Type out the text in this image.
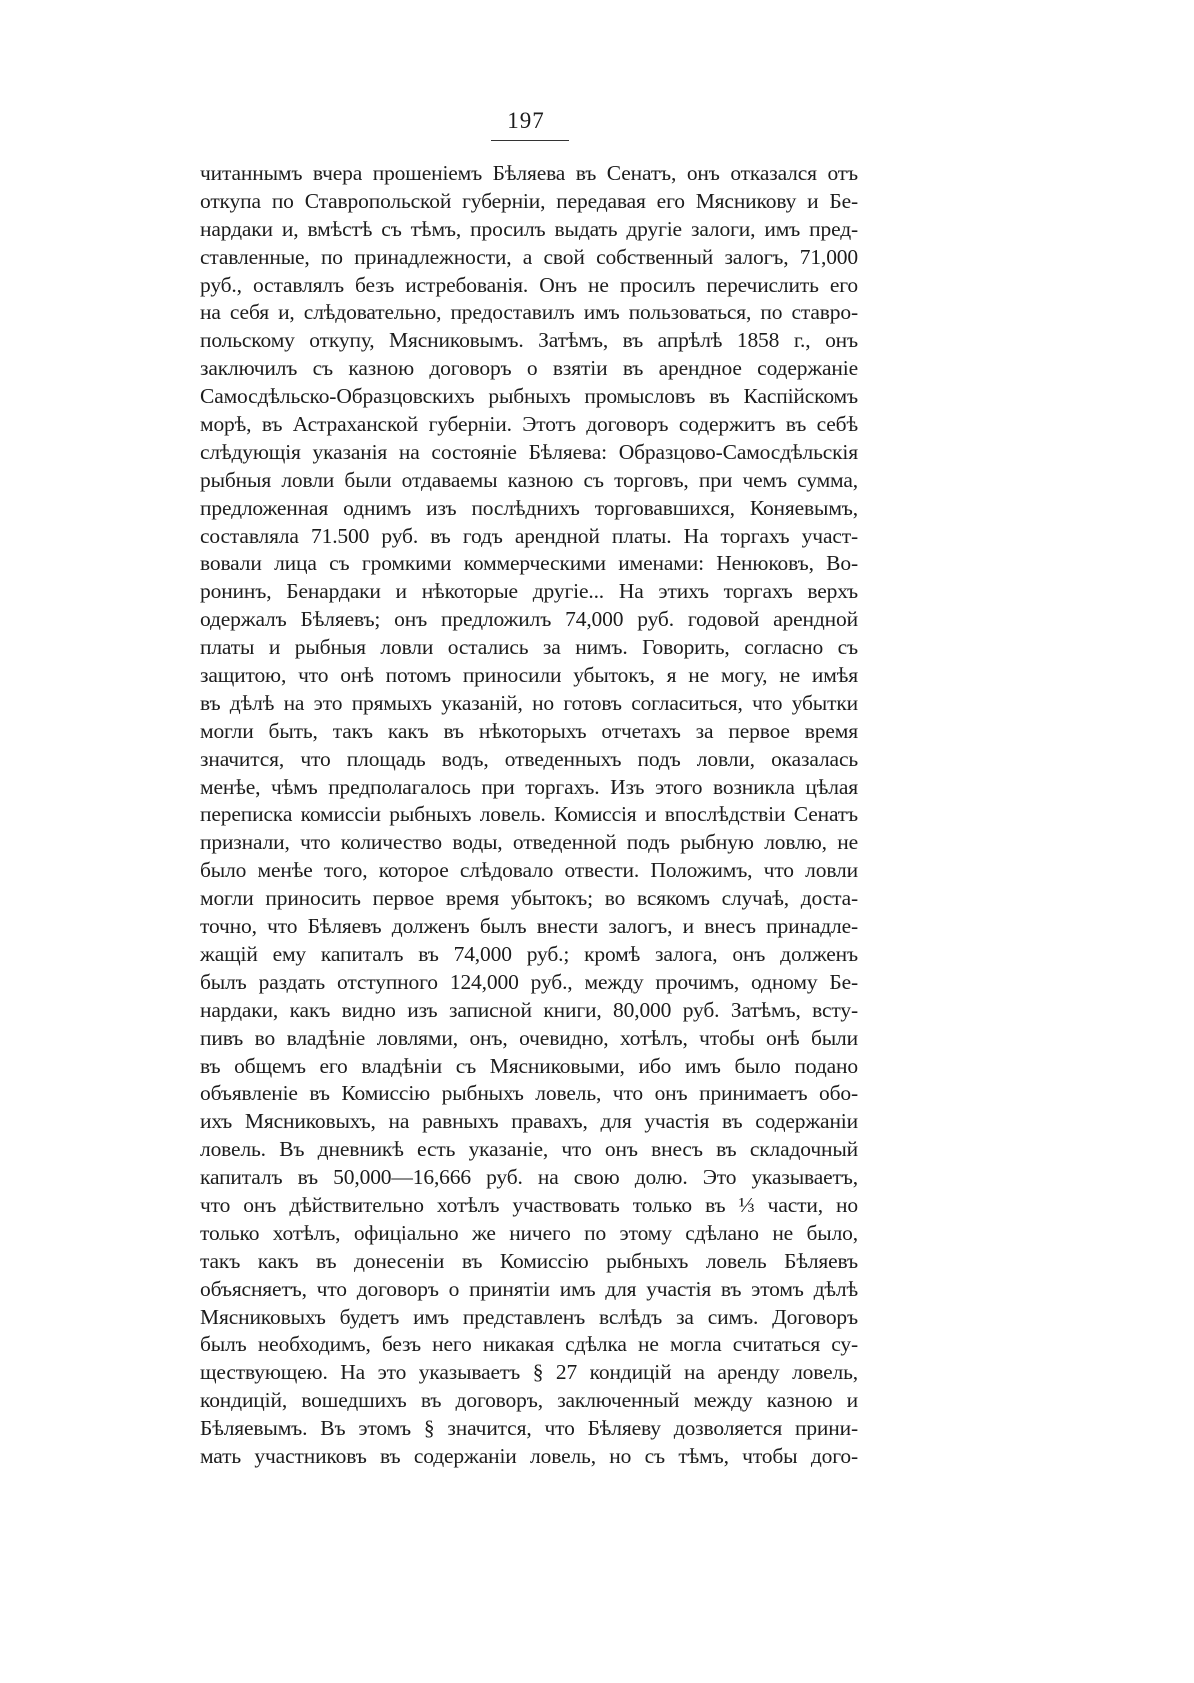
197
читаннымъ вчера прошеніемъ Бѣляева въ Сенатъ, онъ отказался отъ
откупа по Ставропольской губерніи, передавая его Мясникову и Бе-
нардаки и, вмѣстѣ съ тѣмъ, просилъ выдать другіе залоги, имъ пред-
ставленные, по принадлежности, а свой собственный залогъ, 71,000
руб., оставлялъ безъ истребованія. Онъ не просилъ перечислить его
на себя и, слѣдовательно, предоставилъ имъ пользоваться, по ставро-
польскому откупу, Мясниковымъ. Затѣмъ, въ апрѣлѣ 1858 г., онъ
заключилъ съ казною договоръ о взятіи въ арендное содержаніе
Самосдѣльско-Образцовскихъ рыбныхъ промысловъ въ Каспійскомъ
морѣ, въ Астраханской губерніи. Этотъ договоръ содержитъ въ себѣ
слѣдующія указанія на состояніе Бѣляева: Образцово-Самосдѣльскія
рыбныя ловли были отдаваемы казною съ торговъ, при чемъ сумма,
предложенная однимъ изъ послѣднихъ торговавшихся, Коняевымъ,
составляла 71.500 руб. въ годъ арендной платы. На торгахъ участ-
вовали лица съ громкими коммерческими именами: Ненюковъ, Во-
ронинъ, Бенардаки и нѣкоторые другіе... На этихъ торгахъ верхъ
одержалъ Бѣляевъ; онъ предложилъ 74,000 руб. годовой арендной
платы и рыбныя ловли остались за нимъ. Говорить, согласно съ
защитою, что онѣ потомъ приносили убытокъ, я не могу, не имѣя
въ дѣлѣ на это прямыхъ указаній, но готовъ согласиться, что убытки
могли быть, такъ какъ въ нѣкоторыхъ отчетахъ за первое время
значится, что площадь водъ, отведенныхъ подъ ловли, оказалась
менѣе, чѣмъ предполагалось при торгахъ. Изъ этого возникла цѣлая
переписка комиссіи рыбныхъ ловель. Комиссія и впослѣдствіи Сенатъ
признали, что количество воды, отведенной подъ рыбную ловлю, не
было менѣе того, которое слѣдовало отвести. Положимъ, что ловли
могли приносить первое время убытокъ; во всякомъ случаѣ, доста-
точно, что Бѣляевъ долженъ былъ внести залогъ, и внесъ принадле-
жащій ему капиталъ въ 74,000 руб.; кромѣ залога, онъ долженъ
былъ раздать отступного 124,000 руб., между прочимъ, одному Бе-
нардаки, какъ видно изъ записной книги, 80,000 руб. Затѣмъ, всту-
пивъ во владѣніе ловлями, онъ, очевидно, хотѣлъ, чтобы онѣ были
въ общемъ его владѣніи съ Мясниковыми, ибо имъ было подано
объявленіе въ Комиссію рыбныхъ ловель, что онъ принимаетъ обо-
ихъ Мясниковыхъ, на равныхъ правахъ, для участія въ содержаніи
ловель. Въ дневникѣ есть указаніе, что онъ внесъ въ складочный
капиталъ въ 50,000—16,666 руб. на свою долю. Это указываетъ,
что онъ дѣйствительно хотѣлъ участвовать только въ ⅓ части, но
только хотѣлъ, офиціально же ничего по этому сдѣлано не было,
такъ какъ въ донесеніи въ Комиссію рыбныхъ ловель Бѣляевъ
объясняетъ, что договоръ о принятіи имъ для участія въ этомъ дѣлѣ
Мясниковыхъ будетъ имъ представленъ вслѣдъ за симъ. Договоръ
былъ необходимъ, безъ него никакая сдѣлка не могла считаться су-
ществующею. На это указываетъ § 27 кондицій на аренду ловель,
кондицій, вошедшихъ въ договоръ, заключенный между казною и
Бѣляевымъ. Въ этомъ § значится, что Бѣляеву дозволяется прини-
мать участниковъ въ содержаніи ловель, но съ тѣмъ, чтобы дого-
